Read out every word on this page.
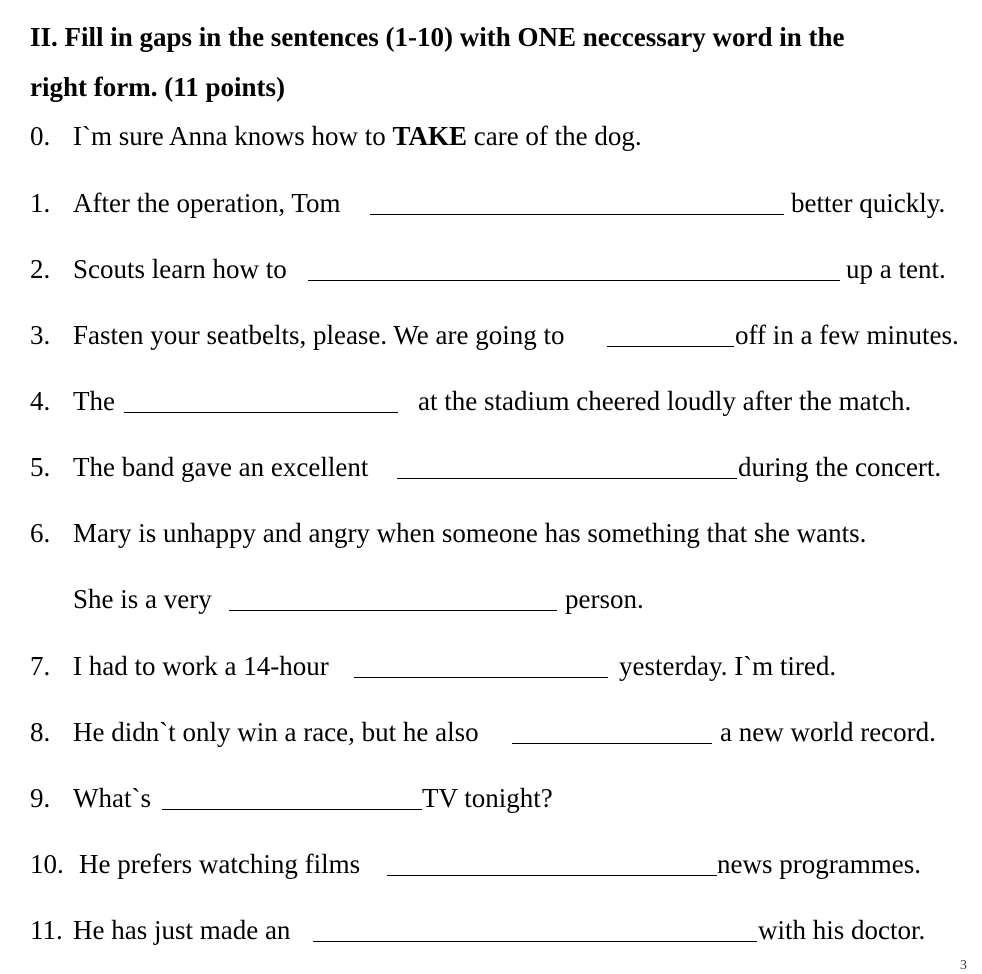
II. Fill in gaps in the sentences (1-10) with ONE neccessary word in the
right form. (11 points)
0. I`m sure Anna knows how to TAKE care of the dog.
1. After the operation, Tom	better quickly.
2. Scouts learn how to	up a tent.
3. Fasten your seatbelts, please. We are going to	off in a few minutes.
4. The	at the stadium cheered loudly after the match.
5. The band gave an excellent	during the concert.
6. Mary is unhappy and angry when someone has something that she wants.
She is a very	person.
7. I had to work a 14-hour	yesterday. I`m tired.
8. He didn`t only win a race, but he also	a new world record.
9. What`s	TV tonight?
10. He prefers watching films	news programmes.
11. He has just made an	with his doctor.
3
